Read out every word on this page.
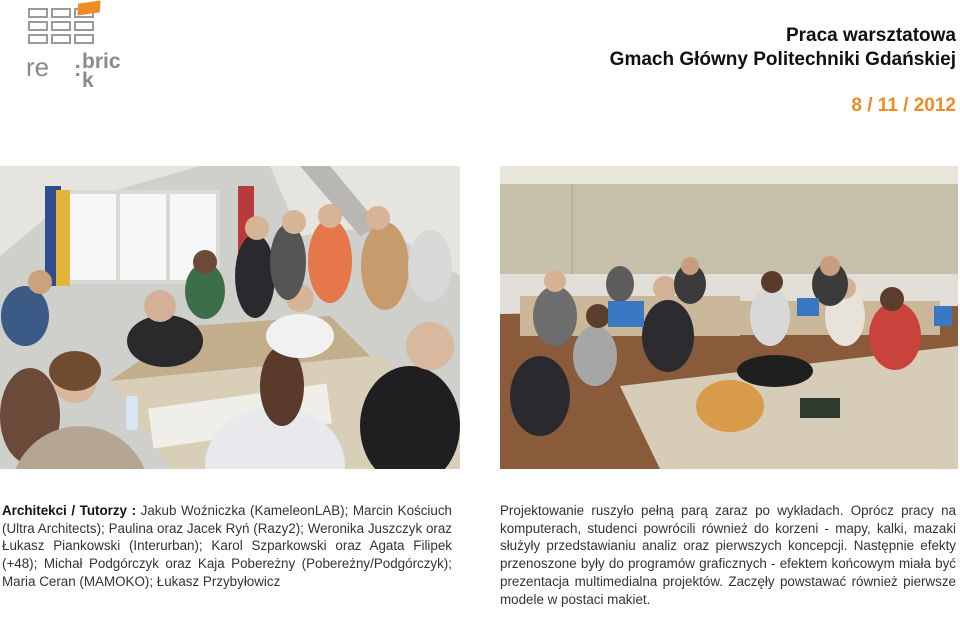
re : brick
Praca warsztatowa
Gmach Główny Politechniki Gdańskiej
8 / 11 / 2012

Architekci / Tutorzy : Jakub Woźniczka (KameleonLAB); Marcin Kościuch (Ultra Architects); Paulina oraz Jacek Ryń (Razy2); Weronika Juszczyk oraz Łukasz Piankowski (Interurban); Karol Szparkowski oraz Agata Filipek (+48); Michał Podgórczyk oraz Kaja Pobereżny (Pobereżny/Podgórczyk); Maria Ceran (MAMOKO); Łukasz Przybyłowicz

Projektowanie ruszyło pełną parą zaraz po wykładach. Oprócz pracy na komputerach, studenci powrócili również do korzeni - mapy, kalki, mazaki służyły przedstawianiu analiz oraz pierwszych koncepcji. Następnie efekty przenoszone były do programów graficznych - efektem końcowym miała być prezentacja multimedialna projektów. Zaczęły powstawać również pierwsze modele w postaci makiet.
